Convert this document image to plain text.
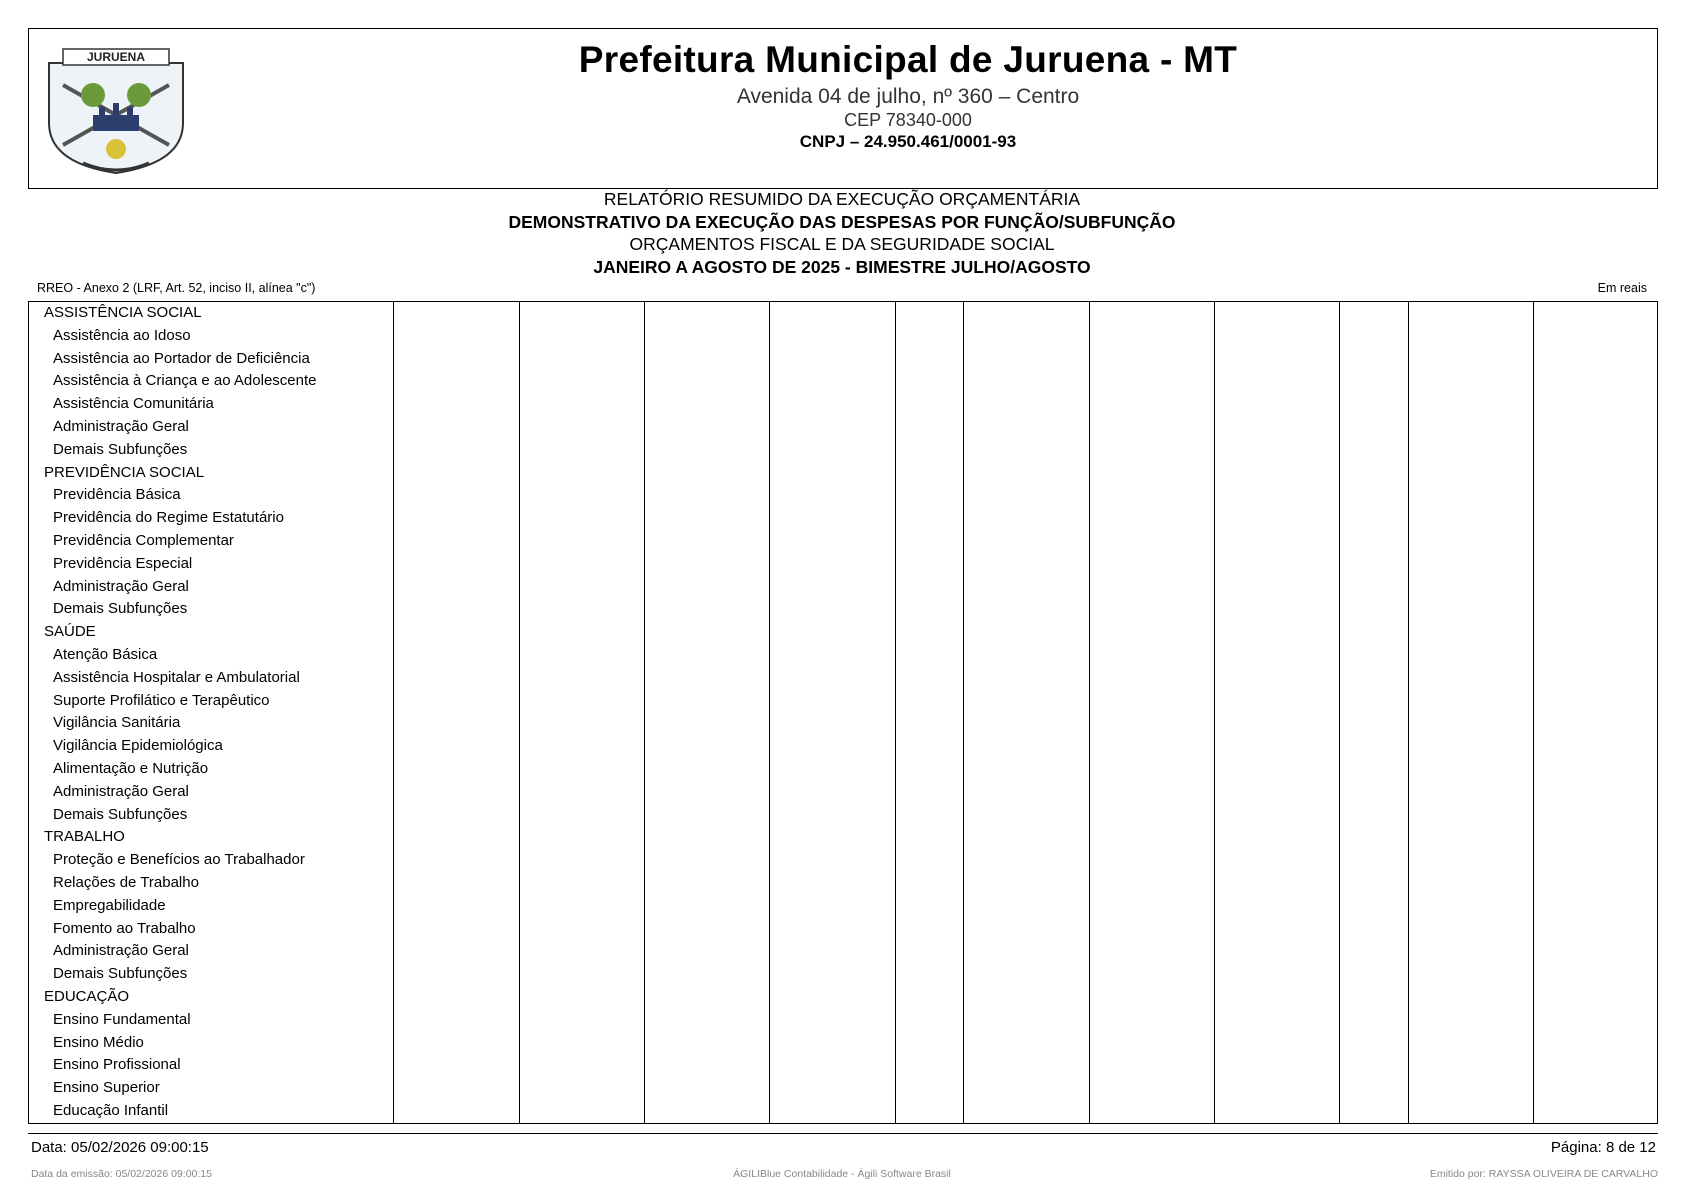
JURUENA	Prefeitura Municipal de Juruena - MT
Avenida 04 de julho, nº 360 – Centro
CEP 78340-000
CNPJ – 24.950.461/0001-93
RELATÓRIO RESUMIDO DA EXECUÇÃO ORÇAMENTÁRIA
DEMONSTRATIVO DA EXECUÇÃO DAS DESPESAS POR FUNÇÃO/SUBFUNÇÃO
ORÇAMENTOS FISCAL E DA SEGURIDADE SOCIAL
JANEIRO A AGOSTO DE 2025 - BIMESTRE JULHO/AGOSTO
RREO - Anexo 2 (LRF, Art. 52, inciso II, alínea "c")	Em reais
ASSISTÊNCIA SOCIAL
Assistência ao Idoso
Assistência ao Portador de Deficiência
Assistência à Criança e ao Adolescente
Assistência Comunitária
Administração Geral
Demais Subfunções
PREVIDÊNCIA SOCIAL
Previdência Básica
Previdência do Regime Estatutário
Previdência Complementar
Previdência Especial
Administração Geral
Demais Subfunções
SAÚDE
Atenção Básica
Assistência Hospitalar e Ambulatorial
Suporte Profilático e Terapêutico
Vigilância Sanitária
Vigilância Epidemiológica
Alimentação e Nutrição
Administração Geral
Demais Subfunções
TRABALHO
Proteção e Benefícios ao Trabalhador
Relações de Trabalho
Empregabilidade
Fomento ao Trabalho
Administração Geral
Demais Subfunções
EDUCAÇÃO
Ensino Fundamental
Ensino Médio
Ensino Profissional
Ensino Superior
Educação Infantil
Data: 05/02/2026 09:00:15	Página: 8 de 12
Data da emissão: 05/02/2026 09:00:15	ÁGILIBlue Contabilidade - Ágili Software Brasil	Emitido por: RAYSSA OLIVEIRA DE CARVALHO
